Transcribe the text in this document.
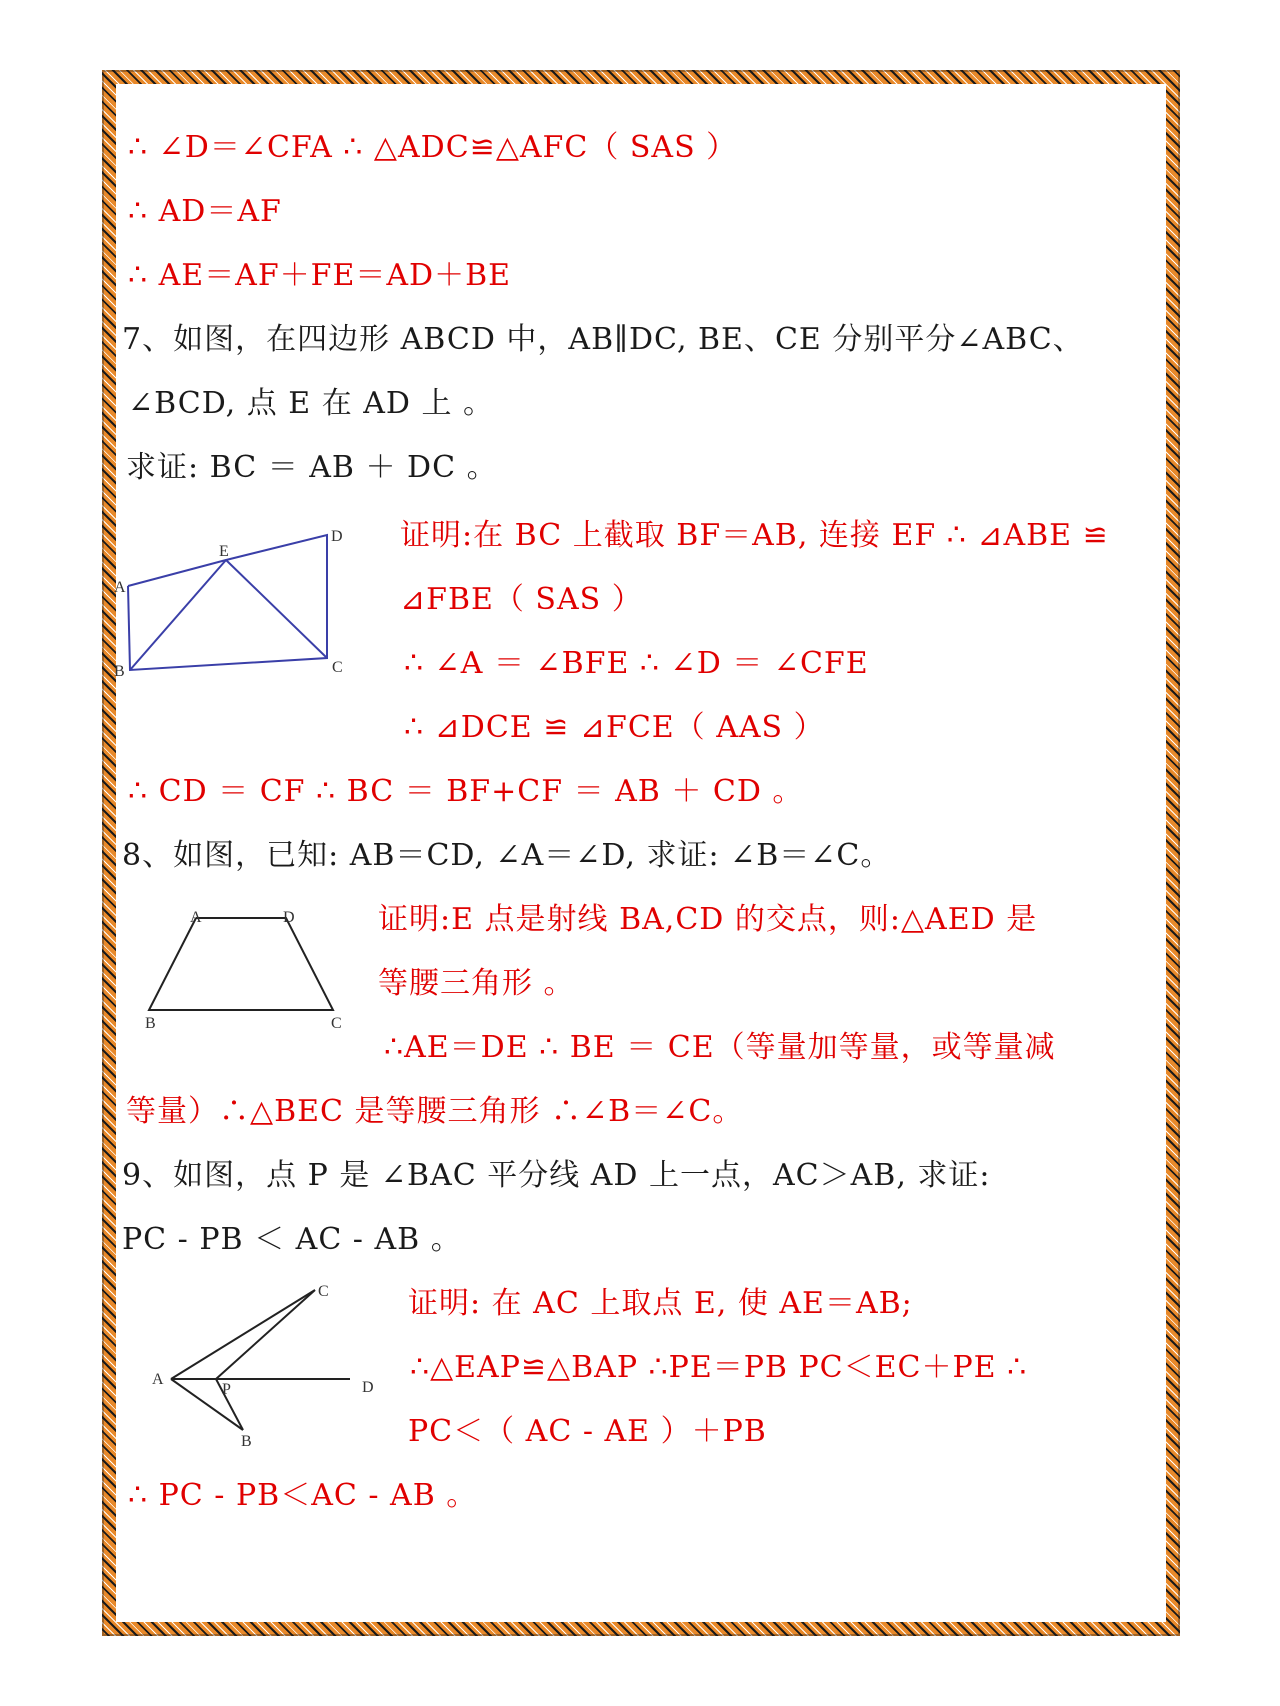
∴ ∠D＝∠CFA ∴ △ADC≌△AFC（ SAS ）
∴ AD＝AF
∴ AE＝AF＋FE＝AD＋BE
7、如图，在四边形 ABCD 中，AB∥DC, BE、CE 分别平分∠ABC、
∠BCD, 点 E 在 AD 上 。
求证: BC ＝ AB ＋ DC 。
A
B	C
D
E	证明:在 BC 上截取 BF＝AB, 连接 EF ∴ ⊿ABE ≌
⊿FBE（ SAS ）
∴ ∠A ＝ ∠BFE ∴ ∠D ＝ ∠CFE
∴ ⊿DCE ≌ ⊿FCE（ AAS ）
∴ CD ＝ CF ∴ BC ＝ BF+CF ＝ AB ＋ CD 。
8、如图，已知: AB＝CD, ∠A＝∠D, 求证: ∠B＝∠C。
A	D
B	C
证明:E 点是射线 BA,CD 的交点，则:△AED 是
等腰三角形 。
∴AE＝DE ∴ BE ＝ CE（等量加等量，或等量减
等量）∴△BEC 是等腰三角形 ∴∠B＝∠C。
9、如图，点 P 是 ∠BAC 平分线 AD 上一点，AC＞AB, 求证:
PC - PB ＜ AC - AB 。
A
C
P	D
B
证明: 在 AC 上取点 E, 使 AE＝AB;
∴△EAP≌△BAP ∴PE＝PB PC＜EC＋PE ∴
PC＜（ AC - AE ）＋PB
∴ PC - PB＜AC - AB 。
